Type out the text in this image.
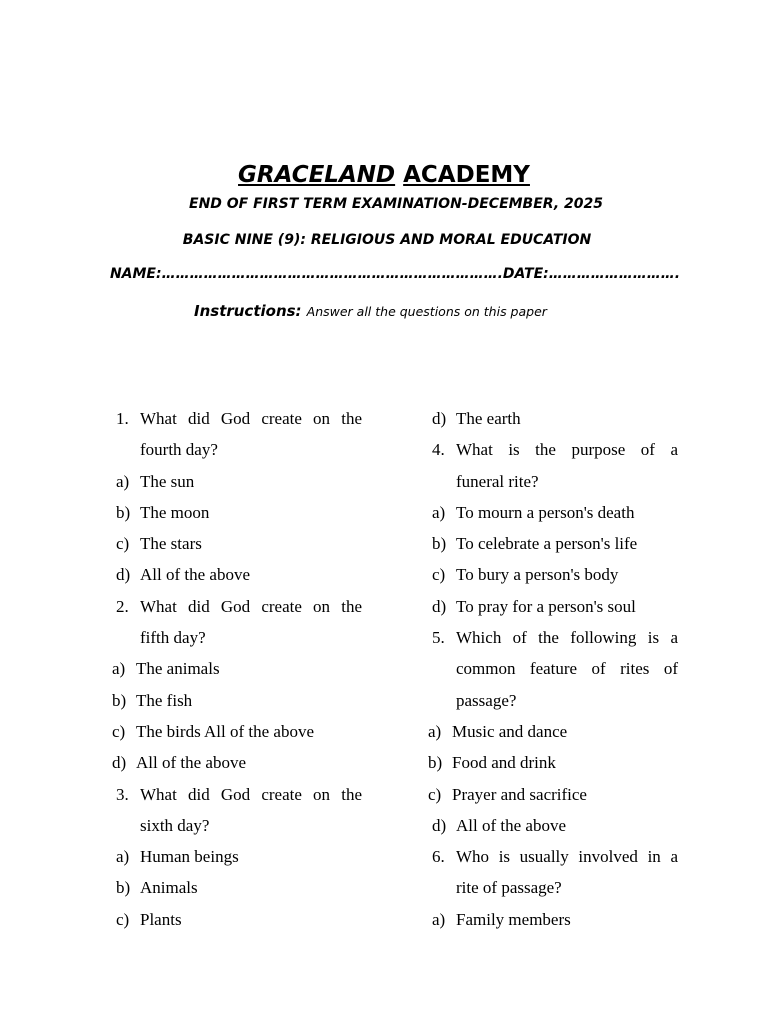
GRACELAND ACADEMY
END OF FIRST TERM EXAMINATION-DECEMBER, 2025
BASIC NINE (9): RELIGIOUS AND MORAL EDUCATION
NAME:……………………………………………………………….DATE:……………………….
Instructions: Answer all the questions on this paper
1. What did God create on the
fourth day?
a) The sun
b) The moon
c) The stars
d) All of the above
2. What did God create on the
fifth day?
a) The animals
b) The fish
c) The birds All of the above
d) All of the above
3. What did God create on the
sixth day?
a) Human beings
b) Animals
c) Plants
d) The earth
4. What is the purpose of a
funeral rite?
a) To mourn a person's death
b) To celebrate a person's life
c) To bury a person's body
d) To pray for a person's soul
5. Which of the following is a
common feature of rites of
passage?
a) Music and dance
b) Food and drink
c) Prayer and sacrifice
d) All of the above
6. Who is usually involved in a
rite of passage?
a) Family members
